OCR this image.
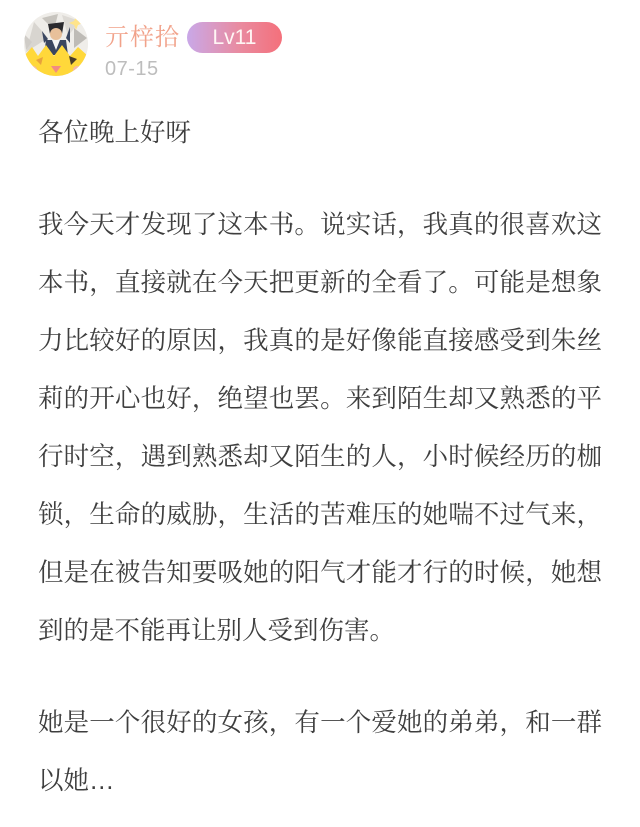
亓梓拾	Lv11
07-15

各位晚上好呀

我今天才发现了这本书。说实话，我真的很喜欢这本书，直接就在今天把更新的全看了。可能是想象力比较好的原因，我真的是好像能直接感受到朱丝莉的开心也好，绝望也罢。来到陌生却又熟悉的平行时空，遇到熟悉却又陌生的人，小时候经历的枷锁，生命的威胁，生活的苦难压的她喘不过气来，但是在被告知要吸她的阳气才能才行的时候，她想到的是不能再让别人受到伤害。

她是一个很好的女孩，有一个爱她的弟弟，和一群以她…
